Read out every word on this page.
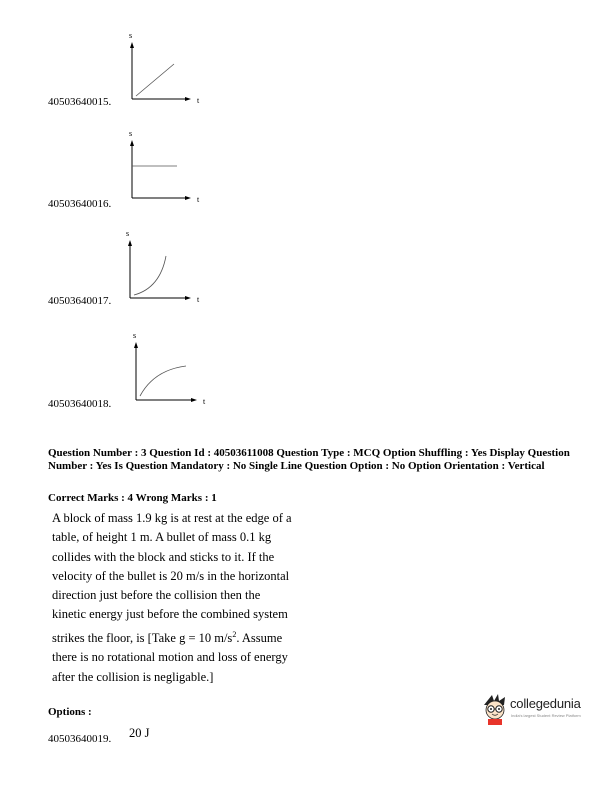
40503640015.
s
t
40503640016.
s
t
40503640017.
s
t
40503640018.
s
t
Question Number : 3 Question Id : 40503611008 Question Type : MCQ Option Shuffling : Yes Display Question Number : Yes Is Question Mandatory : No Single Line Question Option : No Option Orientation : Vertical
Correct Marks : 4 Wrong Marks : 1
A block of mass 1.9 kg is at rest at the edge of a table, of height 1 m. A bullet of mass 0.1 kg collides with the block and sticks to it. If the velocity of the bullet is 20 m/s in the horizontal direction just before the collision then the kinetic energy just before the combined system strikes the floor, is [Take g = 10 $m/s^2$. Assume there is no rotational motion and loss of energy after the collision is negligable.]
Options :
40503640019. 20 J
collegedunia
India's largest Student Review Platform
